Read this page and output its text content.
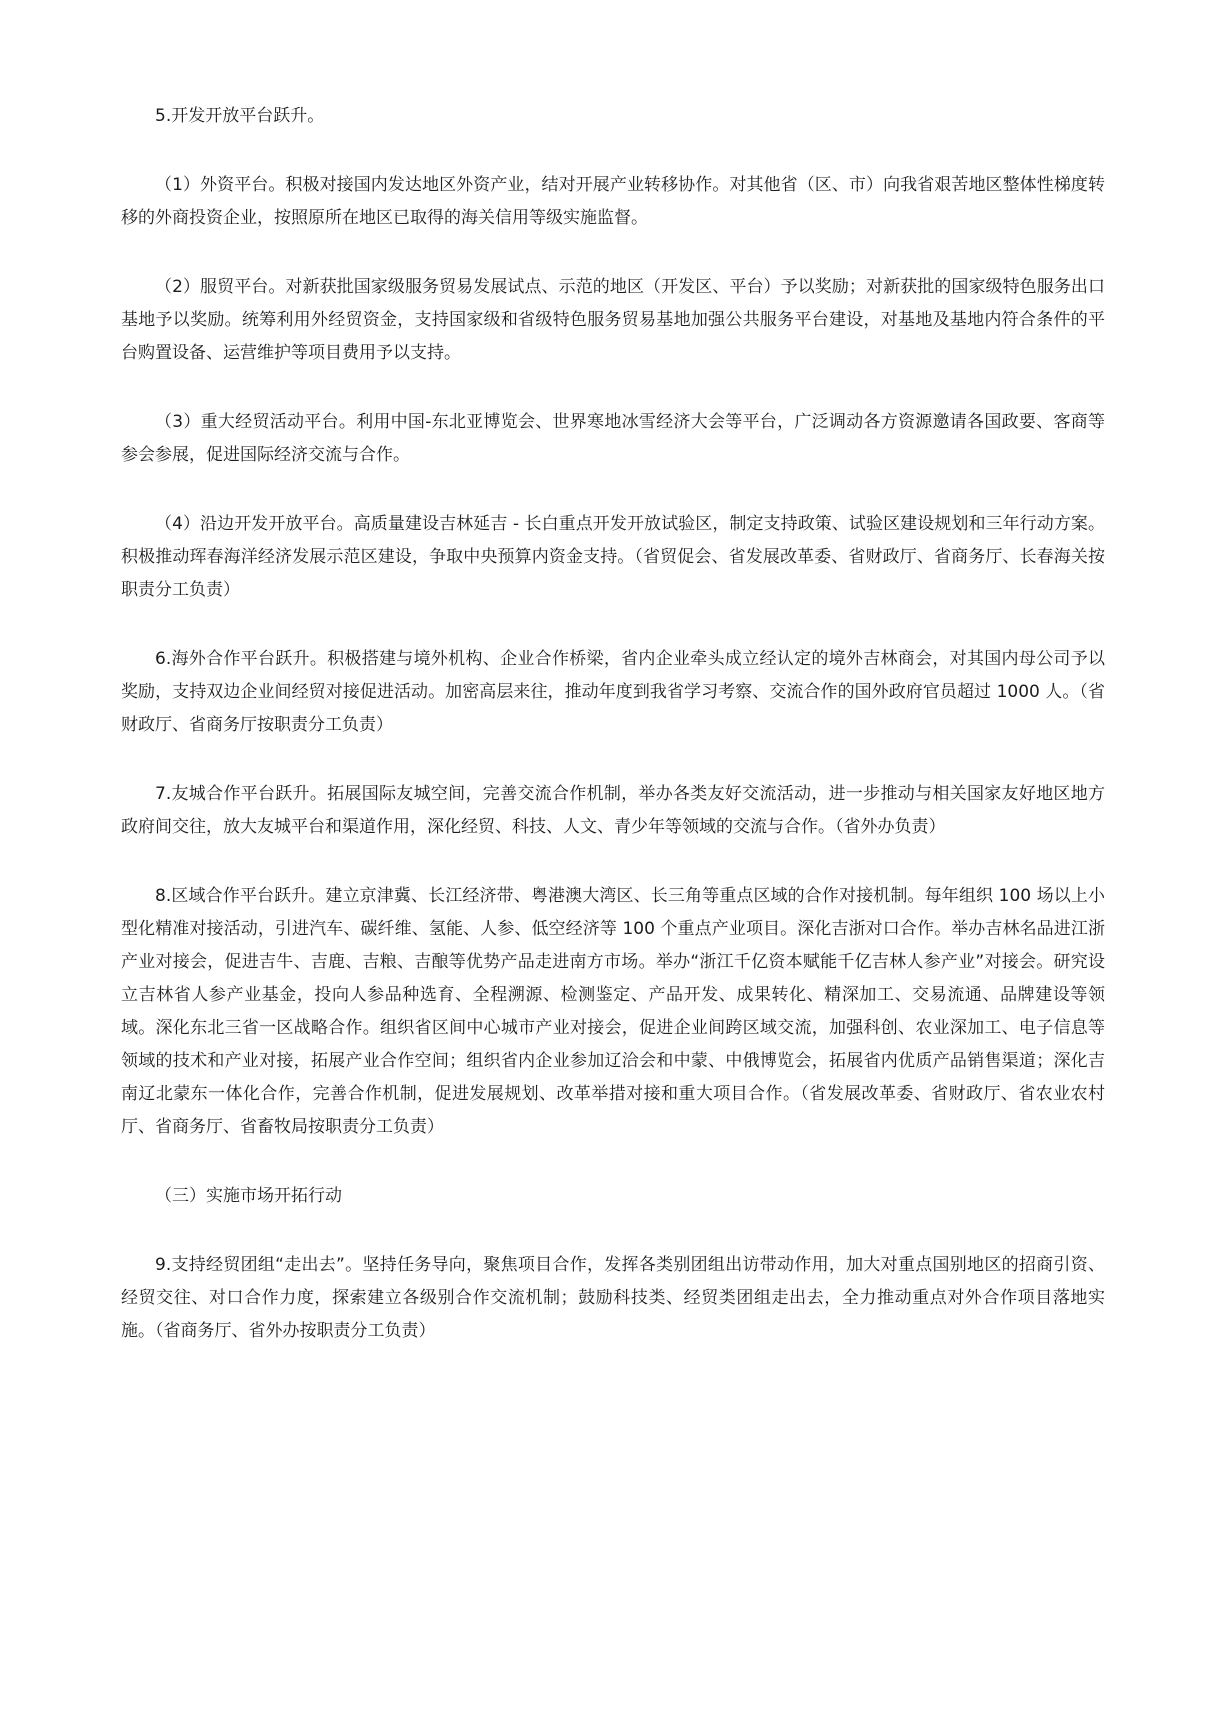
5.开发开放平台跃升。

（1）外资平台。积极对接国内发达地区外资产业，结对开展产业转移协作。对其他省（区、市）向我省艰苦地区整体性梯度转移的外商投资企业，按照原所在地区已取得的海关信用等级实施监督。

（2）服贸平台。对新获批国家级服务贸易发展试点、示范的地区（开发区、平台）予以奖励；对新获批的国家级特色服务出口基地予以奖励。统筹利用外经贸资金，支持国家级和省级特色服务贸易基地加强公共服务平台建设，对基地及基地内符合条件的平台购置设备、运营维护等项目费用予以支持。

（3）重大经贸活动平台。利用中国-东北亚博览会、世界寒地冰雪经济大会等平台，广泛调动各方资源邀请各国政要、客商等参会参展，促进国际经济交流与合作。

（4）沿边开发开放平台。高质量建设吉林延吉 - 长白重点开发开放试验区，制定支持政策、试验区建设规划和三年行动方案。积极推动珲春海洋经济发展示范区建设，争取中央预算内资金支持。（省贸促会、省发展改革委、省财政厅、省商务厅、长春海关按职责分工负责）

6.海外合作平台跃升。积极搭建与境外机构、企业合作桥梁，省内企业牵头成立经认定的境外吉林商会，对其国内母公司予以奖励，支持双边企业间经贸对接促进活动。加密高层来往，推动年度到我省学习考察、交流合作的国外政府官员超过 1000 人。（省财政厅、省商务厅按职责分工负责）

7.友城合作平台跃升。拓展国际友城空间，完善交流合作机制，举办各类友好交流活动，进一步推动与相关国家友好地区地方政府间交往，放大友城平台和渠道作用，深化经贸、科技、人文、青少年等领域的交流与合作。（省外办负责）

8.区域合作平台跃升。建立京津冀、长江经济带、粤港澳大湾区、长三角等重点区域的合作对接机制。每年组织 100 场以上小型化精准对接活动，引进汽车、碳纤维、氢能、人参、低空经济等 100 个重点产业项目。深化吉浙对口合作。举办吉林名品进江浙产业对接会，促进吉牛、吉鹿、吉粮、吉酿等优势产品走进南方市场。举办“浙江千亿资本赋能千亿吉林人参产业”对接会。研究设立吉林省人参产业基金，投向人参品种选育、全程溯源、检测鉴定、产品开发、成果转化、精深加工、交易流通、品牌建设等领域。深化东北三省一区战略合作。组织省区间中心城市产业对接会，促进企业间跨区域交流，加强科创、农业深加工、电子信息等领域的技术和产业对接，拓展产业合作空间；组织省内企业参加辽洽会和中蒙、中俄博览会，拓展省内优质产品销售渠道；深化吉南辽北蒙东一体化合作，完善合作机制，促进发展规划、改革举措对接和重大项目合作。（省发展改革委、省财政厅、省农业农村厅、省商务厅、省畜牧局按职责分工负责）

（三）实施市场开拓行动

9.支持经贸团组“走出去”。坚持任务导向，聚焦项目合作，发挥各类别团组出访带动作用，加大对重点国别地区的招商引资、经贸交往、对口合作力度，探索建立各级别合作交流机制；鼓励科技类、经贸类团组走出去，全力推动重点对外合作项目落地实施。（省商务厅、省外办按职责分工负责）
